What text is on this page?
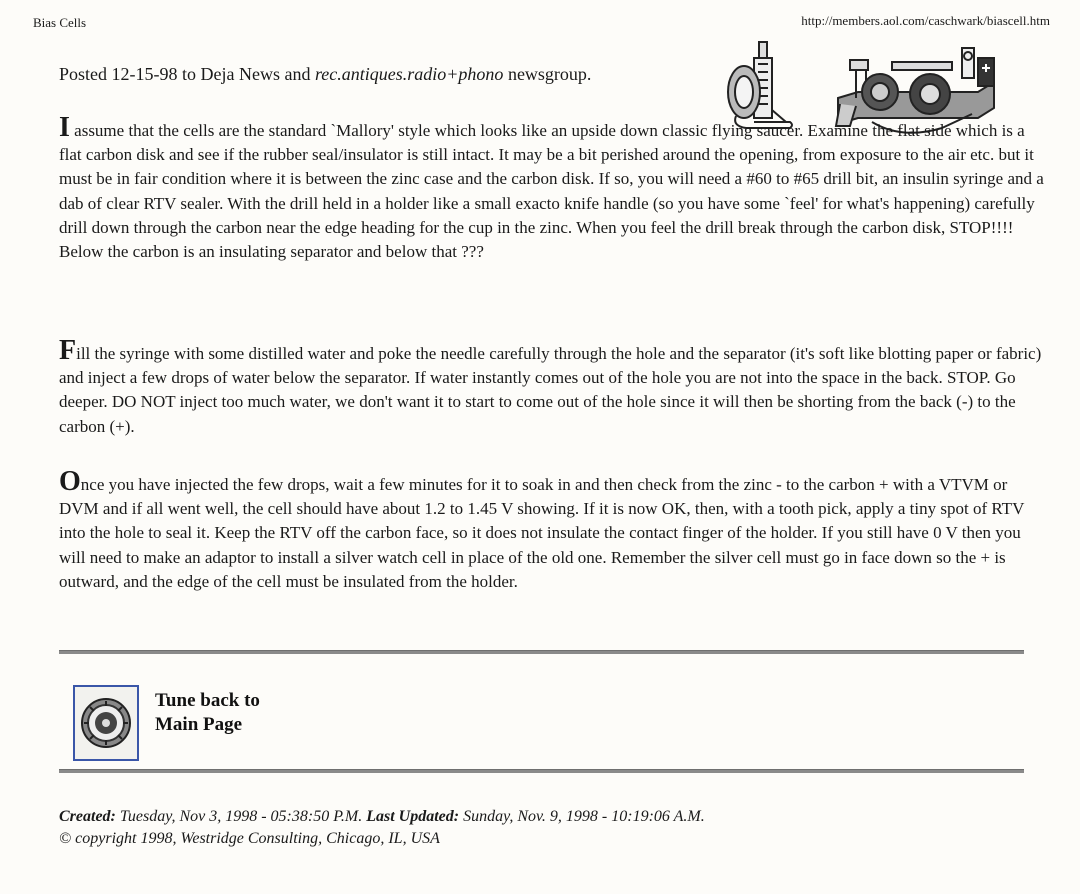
Bias Cells	http://members.aol.com/caschwark/biascell.htm
Posted 12-15-98 to Deja News and rec.antiques.radio+phono newsgroup.
I assume that the cells are the standard `Mallory' style which looks like an upside down classic flying saucer. Examine the flat side which is a flat carbon disk and see if the rubber seal/insulator is still intact. It may be a bit perished around the opening, from exposure to the air etc. but it must be in fair condition where it is between the zinc case and the carbon disk. If so, you will need a #60 to #65 drill bit, an insulin syringe and a dab of clear RTV sealer. With the drill held in a holder like a small exacto knife handle (so you have some `feel' for what's happening) carefully drill down through the carbon near the edge heading for the cup in the zinc. When you feel the drill break through the carbon disk, STOP!!!! Below the carbon is an insulating separator and below that ???
Fill the syringe with some distilled water and poke the needle carefully through the hole and the separator (it's soft like blotting paper or fabric) and inject a few drops of water below the separator. If water instantly comes out of the hole you are not into the space in the back. STOP. Go deeper. DO NOT inject too much water, we don't want it to start to come out of the hole since it will then be shorting from the back (-) to the carbon (+).
Once you have injected the few drops, wait a few minutes for it to soak in and then check from the zinc - to the carbon + with a VTVM or DVM and if all went well, the cell should have about 1.2 to 1.45 V showing. If it is now OK, then, with a tooth pick, apply a tiny spot of RTV into the hole to seal it. Keep the RTV off the carbon face, so it does not insulate the contact finger of the holder. If you still have 0 V then you will need to make an adaptor to install a silver watch cell in place of the old one. Remember the silver cell must go in face down so the + is outward, and the edge of the cell must be insulated from the holder.
Tune back to
Main Page
Created: Tuesday, Nov 3, 1998 - 05:38:50 P.M. Last Updated: Sunday, Nov. 9, 1998 - 10:19:06 A.M.
© copyright 1998, Westridge Consulting, Chicago, IL, USA
